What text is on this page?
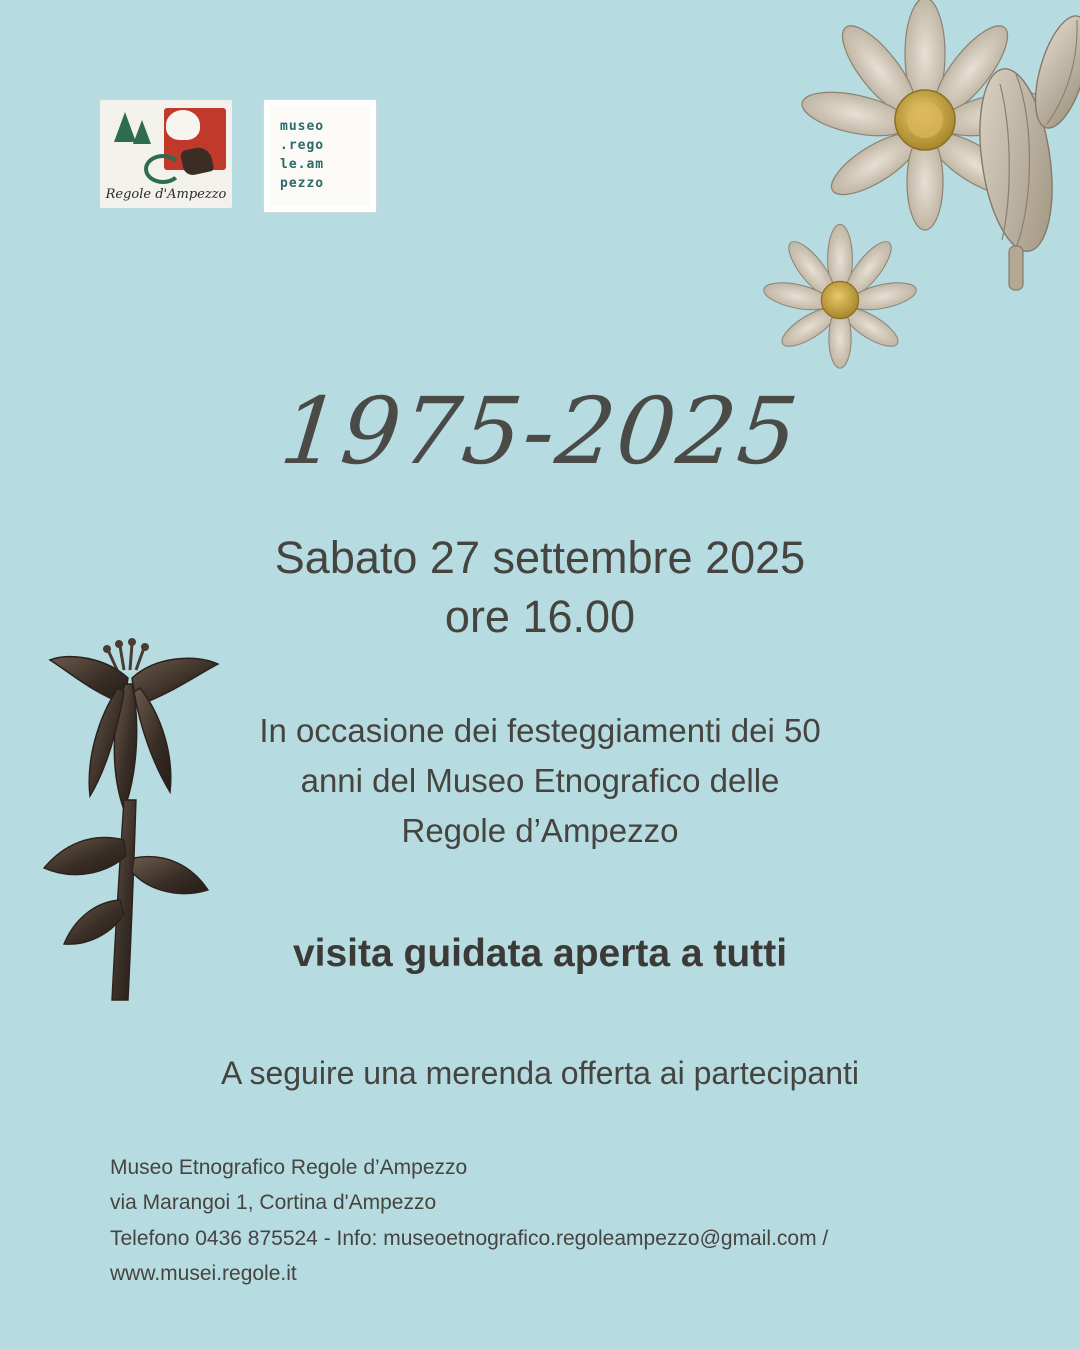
Regole d'Ampezzo
museo
.rego
le.am
pezzo
1975-2025
Sabato 27 settembre 2025
ore 16.00
In occasione dei festeggiamenti dei 50
anni del Museo Etnografico delle
Regole d’Ampezzo
visita guidata aperta a tutti
A seguire una merenda offerta ai partecipanti
Museo Etnografico Regole d’Ampezzo
via Marangoi 1, Cortina d'Ampezzo
Telefono 0436 875524 - Info: museoetnografico.regoleampezzo@gmail.com /
www.musei.regole.it
